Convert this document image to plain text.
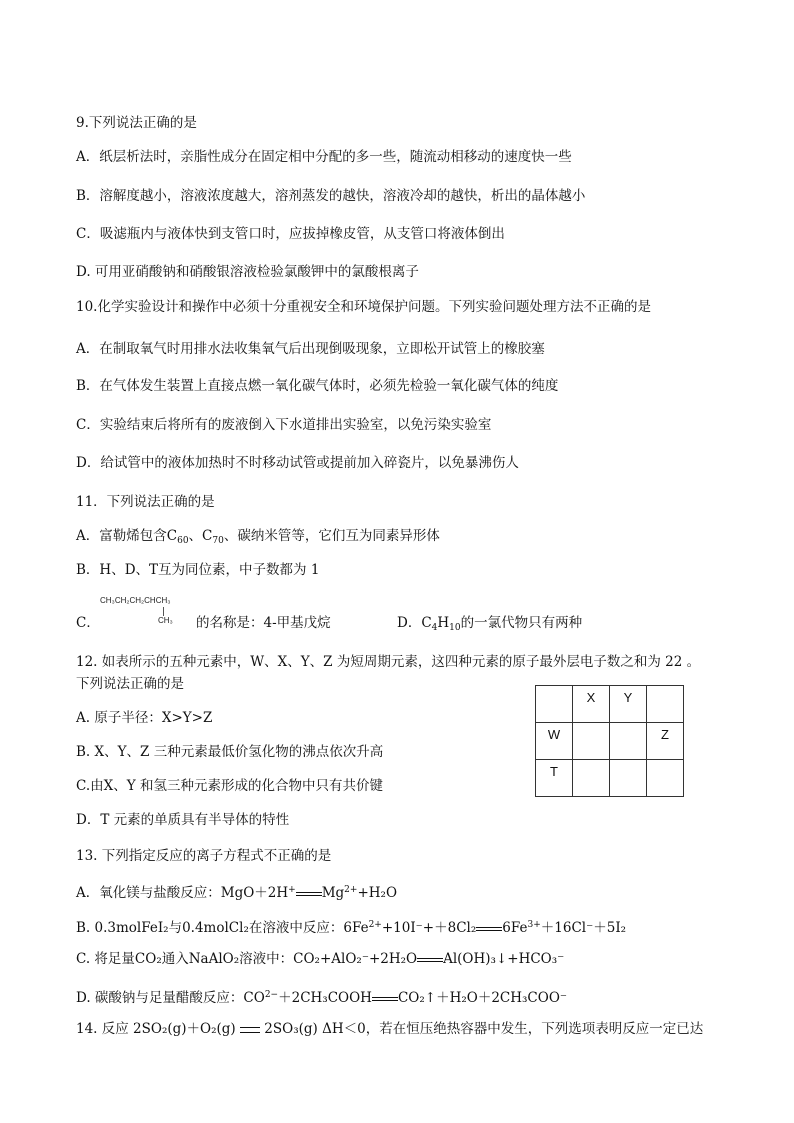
9.下列说法正确的是
A．纸层析法时，亲脂性成分在固定相中分配的多一些，随流动相移动的速度快一些
B．溶解度越小，溶液浓度越大，溶剂蒸发的越快，溶液冷却的越快，析出的晶体越小
C．吸滤瓶内与液体快到支管口时，应拔掉橡皮管，从支管口将液体倒出
D. 可用亚硝酸钠和硝酸银溶液检验氯酸钾中的氯酸根离子
10.化学实验设计和操作中必须十分重视安全和环境保护问题。下列实验问题处理方法不正确的是
A．在制取氧气时用排水法收集氧气后出现倒吸现象，立即松开试管上的橡胶塞
B．在气体发生装置上直接点燃一氧化碳气体时，必须先检验一氧化碳气体的纯度
C．实验结束后将所有的废液倒入下水道排出实验室，以免污染实验室
D．给试管中的液体加热时不时移动试管或提前加入碎瓷片，以免暴沸伤人
11．下列说法正确的是
A．富勒烯包含$C_{60}$、$C_{70}$、碳纳米管等，它们互为同素异形体
B．H、D、T互为同位素，中子数都为 1
CH₃CH₂CH₂CHCH₃
CH₃
C．	的名称是：4-甲基戊烷	D．$C_4H_{10}$的一氯代物只有两种
12. 如表所示的五种元素中，W、X、Y、Z 为短周期元素，这四种元素的原子最外层电子数之和为 22 。
下列说法正确的是
A. 原子半径：X>Y>Z
B. X、Y、Z 三种元素最低价氢化物的沸点依次升高
C.由X、Y 和氢三种元素形成的化合物中只有共价键
D．T 元素的单质具有半导体的特性

	X	Y	

W			Z

T			

13. 下列指定反应的离子方程式不正确的是
A．氧化镁与盐酸反应：MgO＋2H+ $Mg^{2+}+H_2O$
B. 0.3molFeI₂与0.4molCl₂在溶液中反应：$6Fe^{2+}+10I^-++8Cl_2$ $6Fe^{3+}+16Cl^-+5I_2$
C. 将足量CO₂通入NaAlO₂溶液中：CO₂+AlO₂⁻+2H₂O Al(OH)₃↓+HCO₃⁻
D. 碳酸钠与足量醋酸反应：$CO^{2-}+2CH_3COOH$ CO₂↑＋H₂O＋2CH₃COO⁻
14. 反应 2SO₂(g)＋O₂(g) 2SO₃(g) ΔH＜0，若在恒压绝热容器中发生，下列选项表明反应一定已达
